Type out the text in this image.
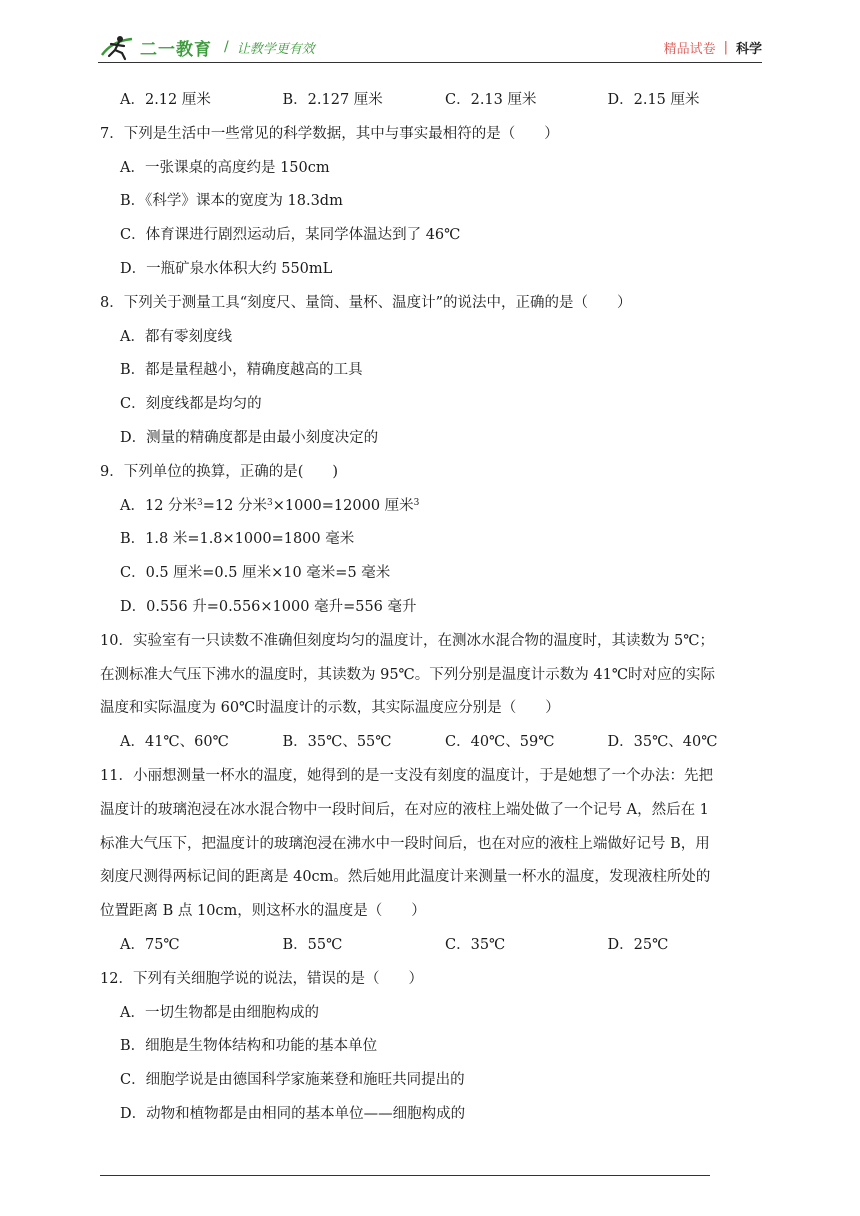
二一教育 / 让教学更有效	精品试卷 | 科学
A．2.12 厘米	B．2.127 厘米	C．2.13 厘米	D．2.15 厘米
7．下列是生活中一些常见的科学数据，其中与事实最相符的是（　　）
A．一张课桌的高度约是 150cm
B．《科学》课本的宽度为 18.3dm
C．体育课进行剧烈运动后，某同学体温达到了 46℃
D．一瓶矿泉水体积大约 550mL
8．下列关于测量工具“刻度尺、量筒、量杯、温度计”的说法中，正确的是（　　）
A．都有零刻度线
B．都是量程越小，精确度越高的工具
C．刻度线都是均匀的
D．测量的精确度都是由最小刻度决定的
9．下列单位的换算，正确的是(　　)
A．12 分米$^3$=12 分米$^3$×1000=12000 厘米$^3$
B．1.8 米=1.8×1000=1800 毫米
C．0.5 厘米=0.5 厘米×10 毫米=5 毫米
D．0.556 升=0.556×1000 毫升=556 毫升
10．实验室有一只读数不准确但刻度均匀的温度计，在测冰水混合物的温度时，其读数为 5℃；
在测标准大气压下沸水的温度时，其读数为 95℃。下列分别是温度计示数为 41℃时对应的实际
温度和实际温度为 60℃时温度计的示数，其实际温度应分别是（　　）
A．41℃、60℃	B．35℃、55℃	C．40℃、59℃	D．35℃、40℃
11．小丽想测量一杯水的温度，她得到的是一支没有刻度的温度计，于是她想了一个办法：先把
温度计的玻璃泡浸在冰水混合物中一段时间后，在对应的液柱上端处做了一个记号 A，然后在 1
标准大气压下，把温度计的玻璃泡浸在沸水中一段时间后，也在对应的液柱上端做好记号 B，用
刻度尺测得两标记间的距离是 40cm。然后她用此温度计来测量一杯水的温度，发现液柱所处的
位置距离 B 点 10cm，则这杯水的温度是（　　）
A．75℃	B．55℃	C．35℃	D．25℃
12．下列有关细胞学说的说法，错误的是（　　）
A．一切生物都是由细胞构成的
B．细胞是生物体结构和功能的基本单位
C．细胞学说是由德国科学家施莱登和施旺共同提出的
D．动物和植物都是由相同的基本单位——细胞构成的
